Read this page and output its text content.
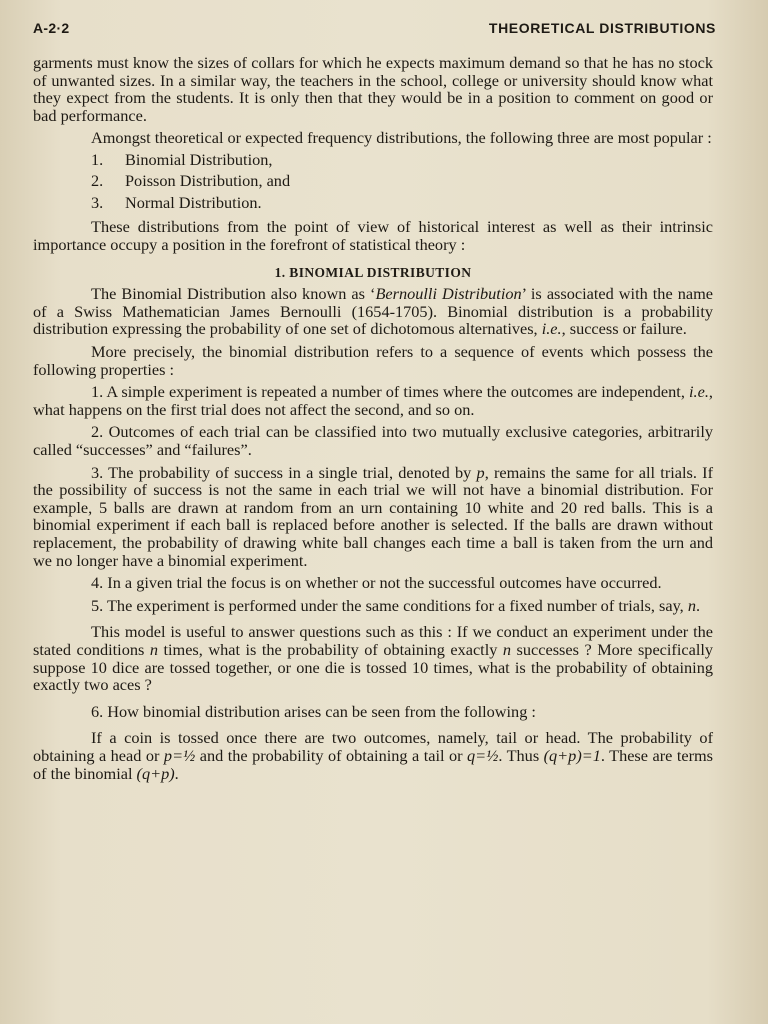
A-2·2	THEORETICAL DISTRIBUTIONS

garments must know the sizes of collars for which he expects maximum demand so that he has no stock of unwanted sizes. In a similar way, the teachers in the school, college or university should know what they expect from the students. It is only then that they would be in a position to comment on good or bad performance.

Amongst theoretical or expected frequency distributions, the following three are most popular :

1. Binomial Distribution,
2. Poisson Distribution, and
3. Normal Distribution.

These distributions from the point of view of historical interest as well as their intrinsic importance occupy a position in the forefront of statistical theory :

1. BINOMIAL DISTRIBUTION

The Binomial Distribution also known as ‘Bernoulli Distribution’ is associated with the name of a Swiss Mathematician James Bernoulli (1654-1705). Binomial distribution is a probability distribution expressing the probability of one set of dichotomous alternatives, i.e., success or failure.

More precisely, the binomial distribution refers to a sequence of events which possess the following properties :

1. A simple experiment is repeated a number of times where the outcomes are independent, i.e., what happens on the first trial does not affect the second, and so on.

2. Outcomes of each trial can be classified into two mutually exclusive categories, arbitrarily called “successes” and “failures”.

3. The probability of success in a single trial, denoted by p, remains the same for all trials. If the possibility of success is not the same in each trial we will not have a binomial distribution. For example, 5 balls are drawn at random from an urn containing 10 white and 20 red balls. This is a binomial experiment if each ball is replaced before another is selected. If the balls are drawn without replacement, the probability of drawing white ball changes each time a ball is taken from the urn and we no longer have a binomial experiment.

4. In a given trial the focus is on whether or not the successful outcomes have occurred.

5. The experiment is performed under the same conditions for a fixed number of trials, say, n.

This model is useful to answer questions such as this : If we conduct an experiment under the stated conditions n times, what is the probability of obtaining exactly n successes ? More specifically suppose 10 dice are tossed together, or one die is tossed 10 times, what is the probability of obtaining exactly two aces ?

6. How binomial distribution arises can be seen from the following :

If a coin is tossed once there are two outcomes, namely, tail or head. The probability of obtaining a head or p=½ and the probability of obtaining a tail or q=½. Thus (q+p)=1. These are terms of the binomial (q+p).
